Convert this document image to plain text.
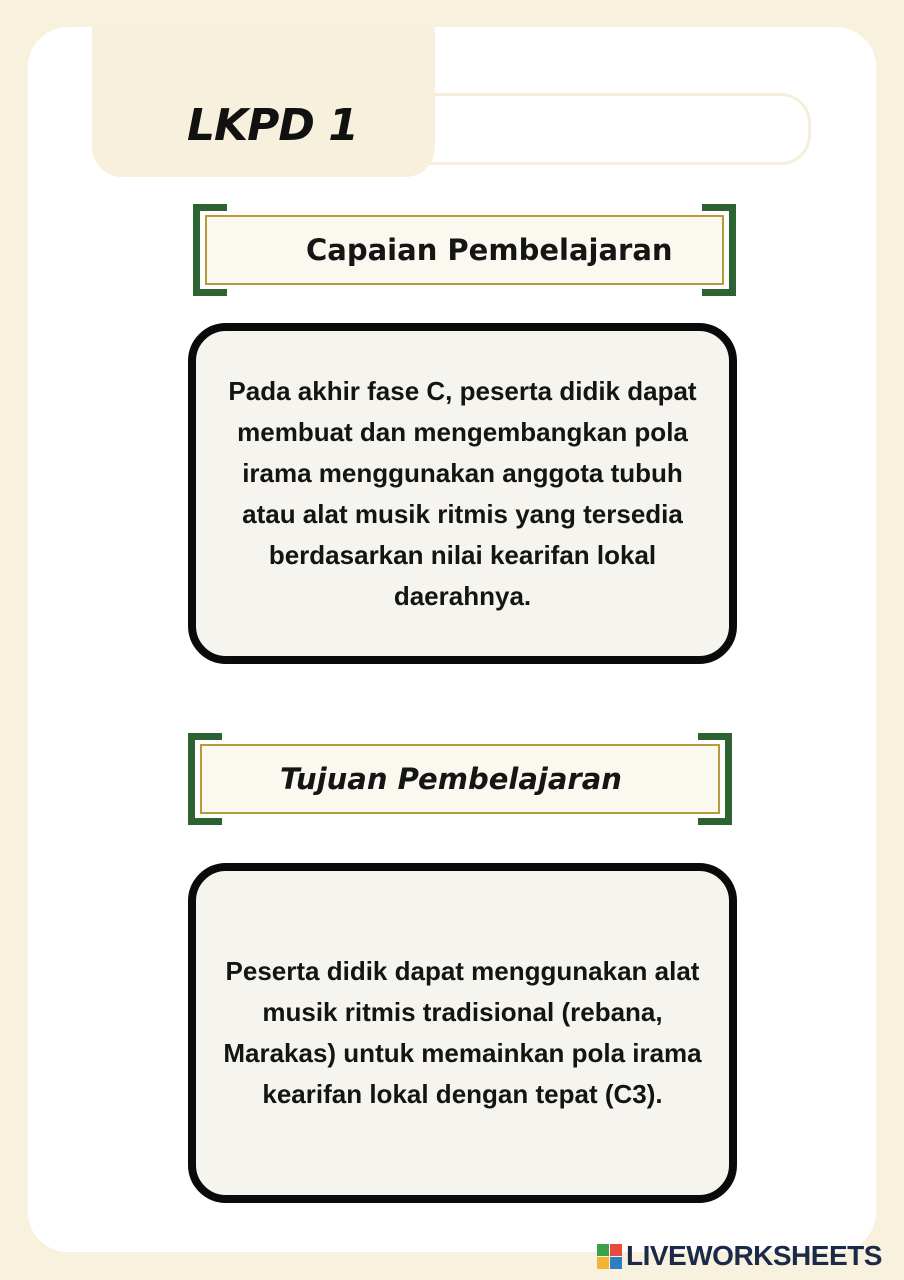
LKPD 1
Capaian Pembelajaran

Pada akhir fase C, peserta didik dapat membuat dan mengembangkan pola irama menggunakan anggota tubuh atau alat musik ritmis yang tersedia berdasarkan nilai kearifan lokal daerahnya.

Tujuan Pembelajaran

Peserta didik dapat menggunakan alat musik ritmis tradisional (rebana, Marakas) untuk memainkan pola irama kearifan lokal dengan tepat (C3).

LIVEWORKSHEETS
